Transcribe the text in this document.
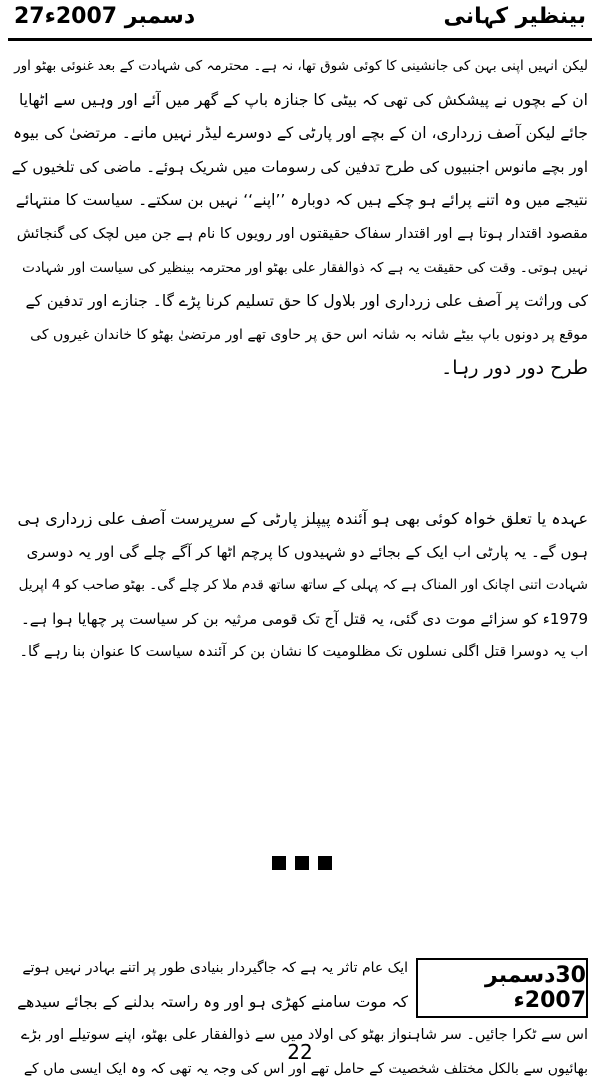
بینظیر کہانی
27دسمبر 2007ء
لیکن انہیں اپنی بہن کی جانشینی کا کوئی شوق تھا، نہ ہے۔ محترمہ کی شہادت کے بعد غنوئی بھٹو اور
ان کے بچوں نے پیشکش کی تھی کہ بیٹی کا جنازہ باپ کے گھر میں آئے اور وہیں سے اٹھایا
جائے لیکن آصف زرداری، ان کے بچے اور پارٹی کے دوسرے لیڈر نہیں مانے۔ مرتضیٰ کی بیوہ
اور بچے مانوس اجنبیوں کی طرح تدفین کی رسومات میں شریک ہوئے۔ ماضی کی تلخیوں کے
نتیجے میں وہ اتنے پرائے ہو چکے ہیں کہ دوبارہ ’’اپنے‘‘ نہیں بن سکتے۔ سیاست کا منتہائے
مقصود اقتدار ہوتا ہے اور اقتدار سفاک حقیقتوں اور رویوں کا نام ہے جن میں لچک کی گنجائش
نہیں ہوتی۔ وقت کی حقیقت یہ ہے کہ ذوالفقار علی بھٹو اور محترمہ بینظیر کی سیاست اور شہادت
کی وراثت پر آصف علی زرداری اور بلاول کا حق تسلیم کرنا پڑے گا۔ جنازے اور تدفین کے
موقع پر دونوں باپ بیٹے شانہ بہ شانہ اس حق پر حاوی تھے اور مرتضیٰ بھٹو کا خاندان غیروں کی
طرح دور دور رہا۔
عہدہ یا تعلق خواہ کوئی بھی ہو آئندہ پیپلز پارٹی کے سرپرست آصف علی زرداری ہی
ہوں گے۔ یہ پارٹی اب ایک کے بجائے دو شہیدوں کا پرچم اٹھا کر آگے چلے گی اور یہ دوسری
شہادت اتنی اچانک اور المناک ہے کہ پہلی کے ساتھ ساتھ قدم ملا کر چلے گی۔ بھٹو صاحب کو 4 اپریل
1979ء کو سزائے موت دی گئی، یہ قتل آج تک قومی مرثیہ بن کر سیاست پر چھایا ہوا ہے۔
اب یہ دوسرا قتل اگلی نسلوں تک مظلومیت کا نشان بن کر آئندہ سیاست کا عنوان بنا رہے گا۔
30دسمبر 2007ء
ایک عام تاثر یہ ہے کہ جاگیردار بنیادی طور پر اتنے بہادر نہیں ہوتے
کہ موت سامنے کھڑی ہو اور وہ راستہ بدلنے کے بجائے سیدھے
اس سے ٹکرا جائیں۔ سر شاہنواز بھٹو کی اولاد میں سے ذوالفقار علی بھٹو، اپنے سوتیلے اور بڑے
بھائیوں سے بالکل مختلف شخصیت کے حامل تھے اور اس کی وجہ یہ تھی کہ وہ ایک ایسی ماں کے
22
